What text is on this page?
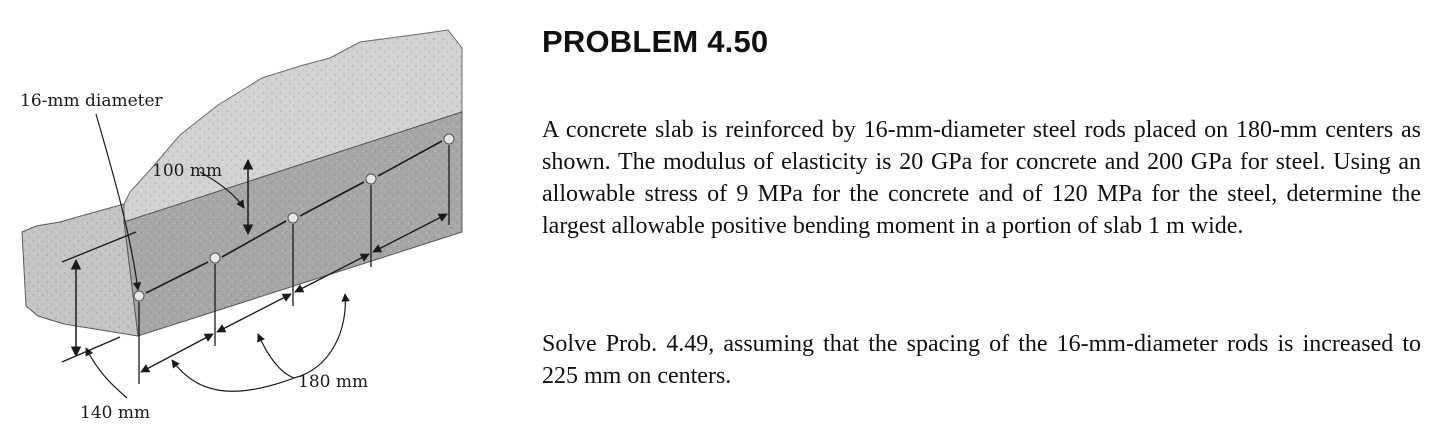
16-mm diameter
100 mm
180 mm
140 mm
PROBLEM 4.50

A concrete slab is reinforced by 16-mm-diameter steel rods placed on 180-mm centers as shown. The modulus of elasticity is 20 GPa for concrete and 200 GPa for steel. Using an allowable stress of 9 MPa for the concrete and of 120 MPa for the steel, determine the largest allowable positive bending moment in a portion of slab 1 m wide.

Solve Prob. 4.49, assuming that the spacing of the 16-mm-diameter rods is increased to 225 mm on centers.
